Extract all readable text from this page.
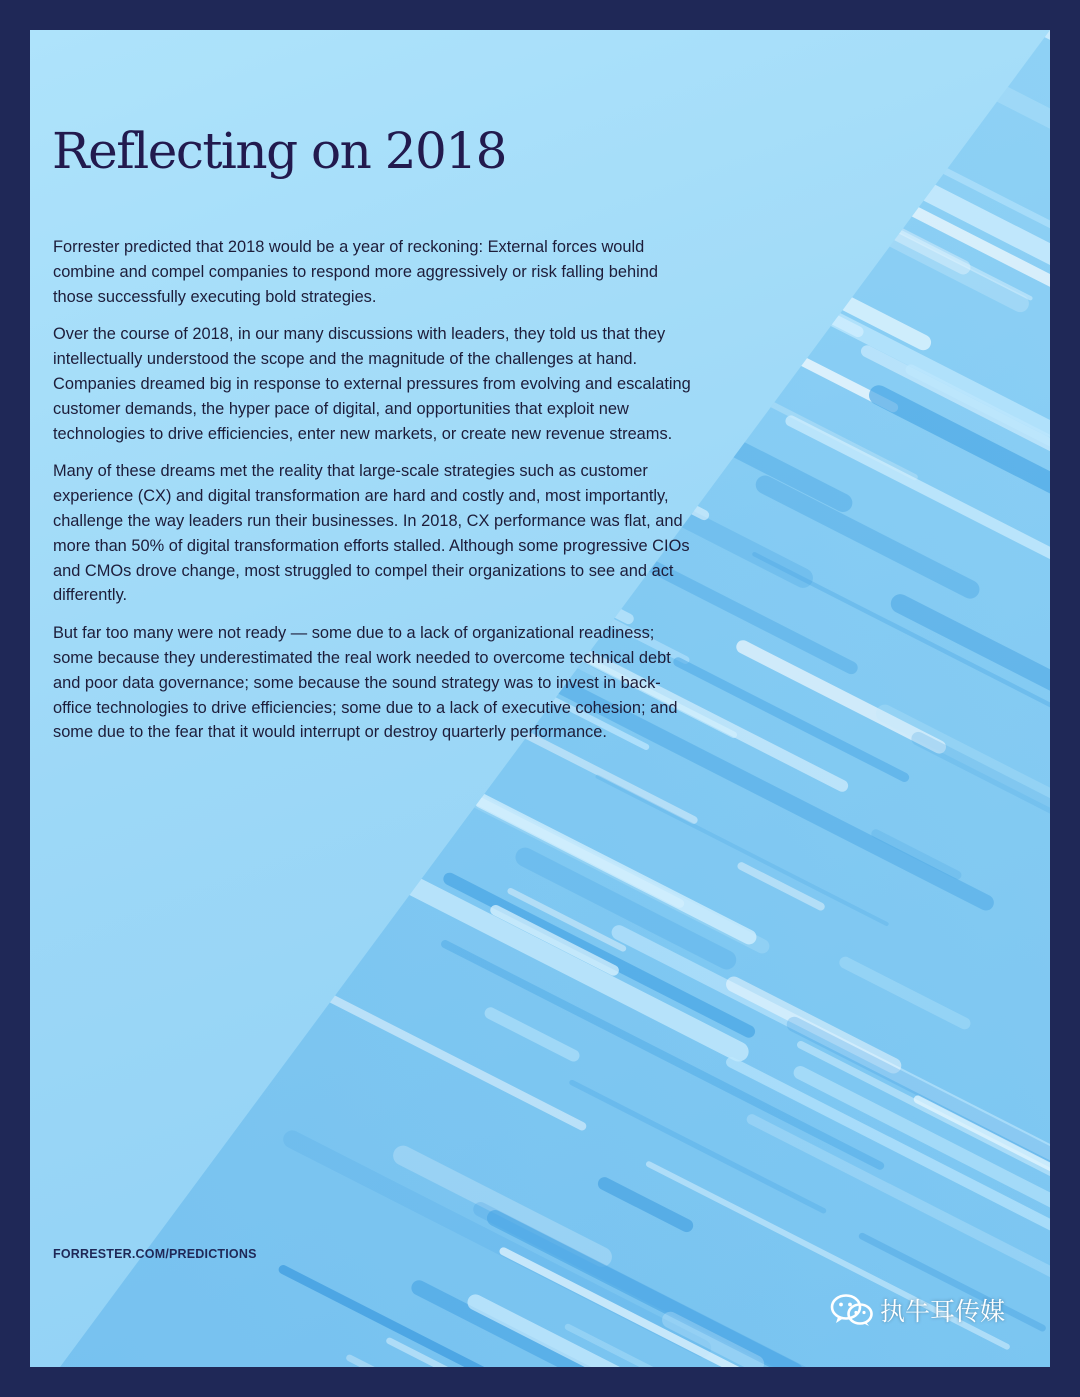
Reflecting on 2018

Forrester predicted that 2018 would be a year of reckoning: External forces would combine and compel companies to respond more aggressively or risk falling behind those successfully executing bold strategies.

Over the course of 2018, in our many discussions with leaders, they told us that they intellectually understood the scope and the magnitude of the challenges at hand. Companies dreamed big in response to external pressures from evolving and escalating customer demands, the hyper pace of digital, and opportunities that exploit new technologies to drive efficiencies, enter new markets, or create new revenue streams.

Many of these dreams met the reality that large-scale strategies such as customer experience (CX) and digital transformation are hard and costly and, most importantly, challenge the way leaders run their businesses. In 2018, CX performance was flat, and more than 50% of digital transformation efforts stalled. Although some progressive CIOs and CMOs drove change, most struggled to compel their organizations to see and act differently.

But far too many were not ready — some due to a lack of organizational readiness; some because they underestimated the real work needed to overcome technical debt and poor data governance; some because the sound strategy was to invest in back-office technologies to drive efficiencies; some due to a lack of executive cohesion; and some due to the fear that it would interrupt or destroy quarterly performance.

FORRESTER.COM/PREDICTIONS
执牛耳传媒
